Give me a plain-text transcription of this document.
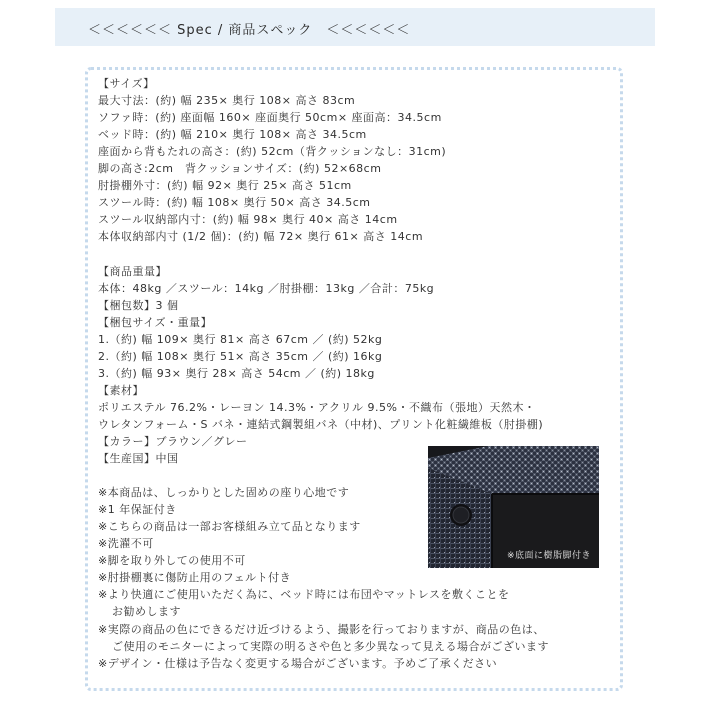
＜＜＜＜＜＜ Spec / 商品スペック　＜＜＜＜＜＜
【サイズ】
最大寸法：(約) 幅 235× 奥行 108× 高さ 83cm
ソファ時：(約) 座面幅 160× 座面奥行 50cm× 座面高：34.5cm
ベッド時：(約) 幅 210× 奥行 108× 高さ 34.5cm
座面から背もたれの高さ：(約) 52cm（背クッションなし：31cm)
脚の高さ:2cm　背クッションサイズ：(約) 52×68cm
肘掛棚外寸：(約) 幅 92× 奥行 25× 高さ 51cm
スツール時：(約) 幅 108× 奥行 50× 高さ 34.5cm
スツール収納部内寸：(約) 幅 98× 奥行 40× 高さ 14cm
本体収納部内寸 (1/2 個)：(約) 幅 72× 奥行 61× 高さ 14cm
【商品重量】
本体：48kg ／スツール：14kg ／肘掛棚：13kg ／合計：75kg
【梱包数】3 個
【梱包サイズ・重量】
1.（約) 幅 109× 奥行 81× 高さ 67cm ／ (約) 52kg
2.（約) 幅 108× 奥行 51× 高さ 35cm ／ (約) 16kg
3.（約) 幅 93× 奥行 28× 高さ 54cm ／ (約) 18kg
【素材】
ポリエステル 76.2%・レーヨン 14.3%・アクリル 9.5%・不織布（張地）天然木・
ウレタンフォーム・S バネ・連結式鋼製組バネ（中材)、プリント化粧繊維板（肘掛棚)
【カラー】ブラウン／グレー
【生産国】中国
※本商品は、しっかりとした固めの座り心地です
※1 年保証付き
※こちらの商品は一部お客様組み立て品となります
※洗濯不可
※脚を取り外しての使用不可
※肘掛棚裏に傷防止用のフェルト付き
※より快適にご使用いただく為に、ベッド時には布団やマットレスを敷くことを
お勧めします
※実際の商品の色にできるだけ近づけるよう、撮影を行っておりますが、商品の色は、
ご使用のモニターによって実際の明るさや色と多少異なって見える場合がございます
※デザイン・仕様は予告なく変更する場合がございます。予めご了承ください
※底面に樹脂脚付き
